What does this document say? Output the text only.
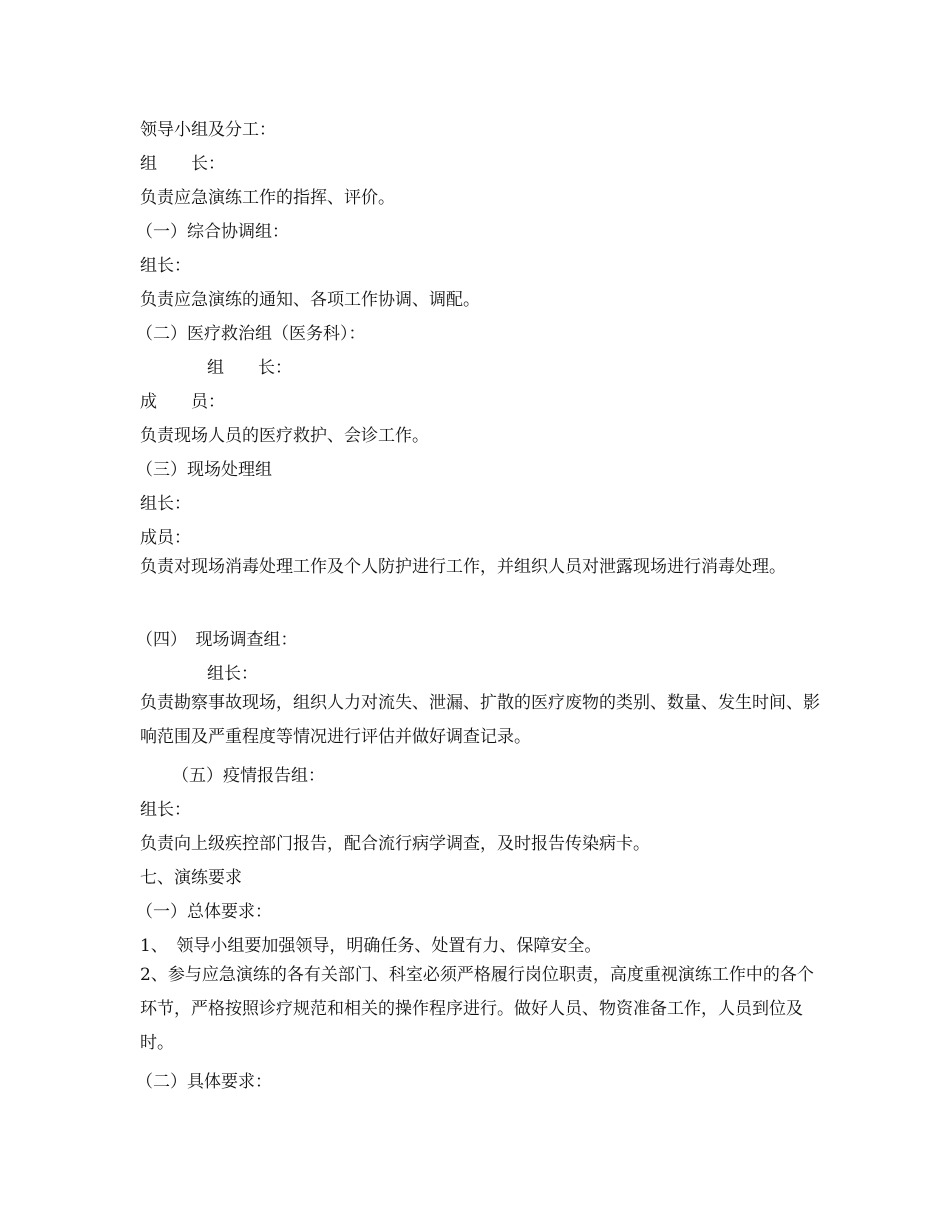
领导小组及分工：

组　　长：

负责应急演练工作的指挥、评价。

（一）综合协调组：

组长：

负责应急演练的通知、各项工作协调、调配。

（二）医疗救治组（医务科）：

组　　长：

成　　员：

负责现场人员的医疗救护、会诊工作。

（三）现场处理组

组长：

成员：

负责对现场消毒处理工作及个人防护进行工作，并组织人员对泄露现场进行消毒处理。

（四）　现场调查组：

组长：

负责勘察事故现场，组织人力对流失、泄漏、扩散的医疗废物的类别、数量、发生时间、影响范围及严重程度等情况进行评估并做好调查记录。

（五）疫情报告组：

组长：

负责向上级疾控部门报告，配合流行病学调查，及时报告传染病卡。

七、演练要求

（一）总体要求：

1、　领导小组要加强领导，明确任务、处置有力、保障安全。

2、参与应急演练的各有关部门、科室必须严格履行岗位职责，高度重视演练工作中的各个环节，严格按照诊疗规范和相关的操作程序进行。做好人员、物资准备工作，人员到位及时。

（二）具体要求：
